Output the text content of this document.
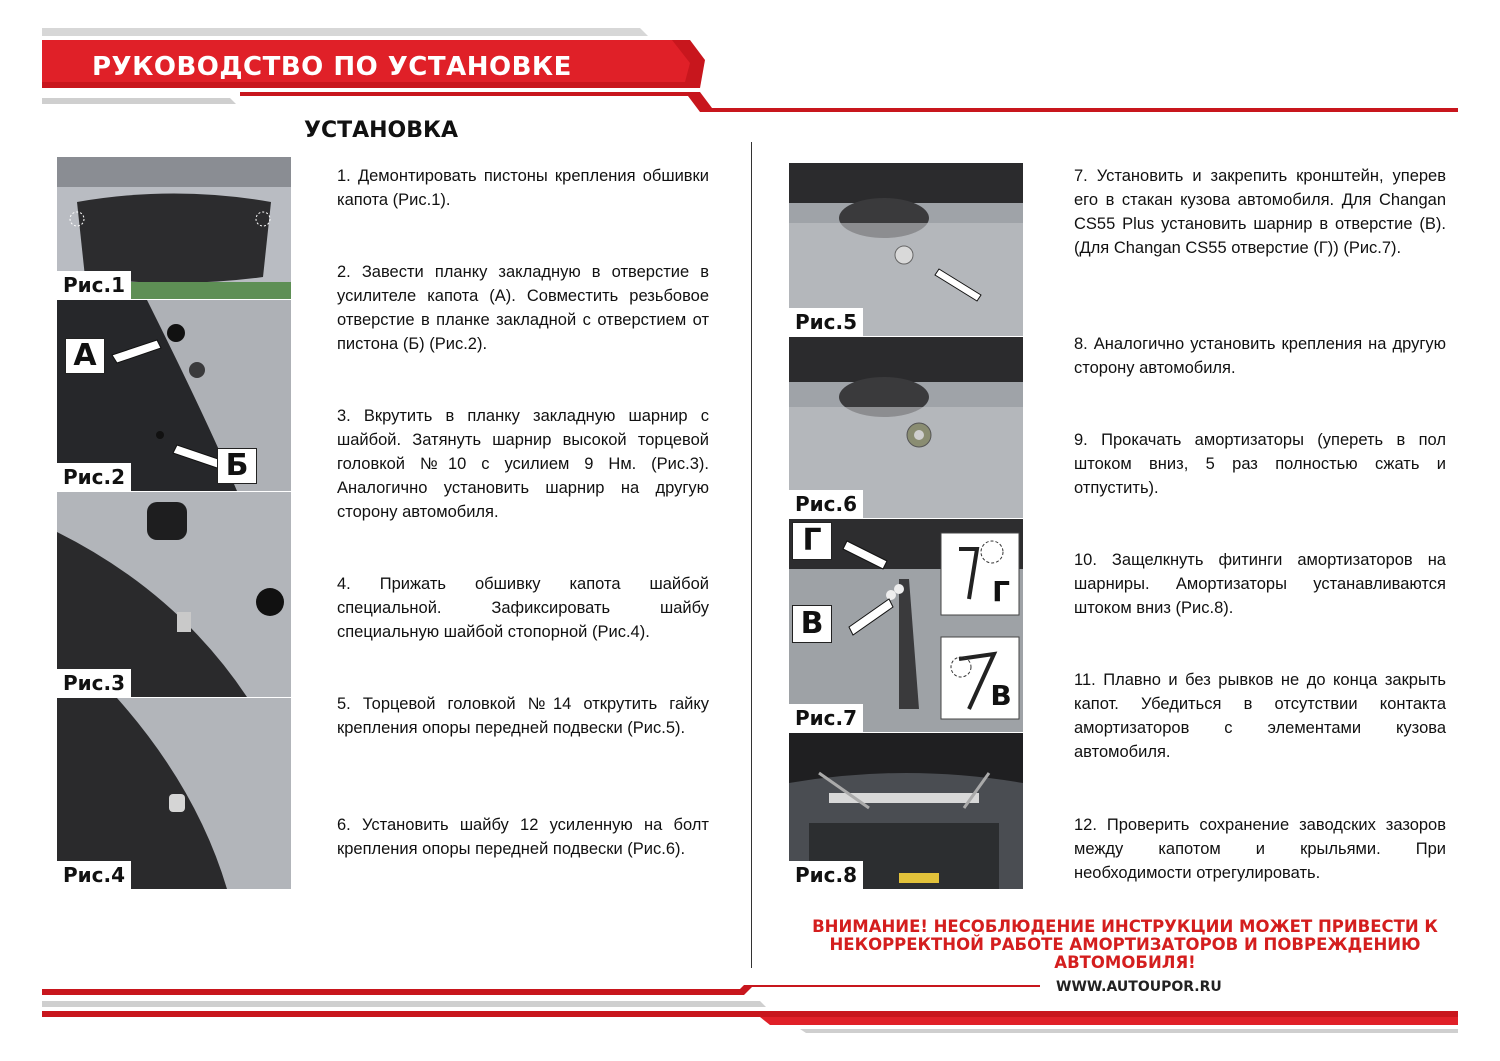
РУКОВОДСТВО ПО УСТАНОВКЕ
УСТАНОВКА
Рис.1
А
Б
Рис.2
Рис.3
Рис.4
1. Демонтировать пистоны крепления обшивки капота (Рис.1).
2. Завести планку закладную в отверстие в усилителе капота (А). Совместить резьбовое отверстие в планке закладной с отверстием от пистона (Б) (Рис.2).
3. Вкрутить в планку закладную шарнир с шайбой. Затянуть шарнир высокой торцевой головкой №10 с усилием 9 Нм. (Рис.3). Аналогично установить шарнир на другую сторону автомобиля.
4. Прижать обшивку капота шайбой специальной. Зафиксировать шайбу специальную шайбой стопорной (Рис.4).
5. Торцевой головкой №14 открутить гайку крепления опоры передней подвески (Рис.5).
6. Установить шайбу 12 усиленную на болт крепления опоры передней подвески (Рис.6).
Рис.5
Рис.6
Г
В
Г
В
Рис.7
Рис.8
7. Установить и закрепить кронштейн, уперев его в стакан кузова автомобиля. Для Changan CS55 Plus установить шарнир в отверстие (В). (Для Changan CS55 отверстие (Г)) (Рис.7).
8. Аналогично установить крепления на другую сторону автомобиля.
9. Прокачать амортизаторы (упереть в пол штоком вниз, 5 раз полностью сжать и отпустить).
10. Защелкнуть фитинги амортизаторов на шарниры. Амортизаторы устанавливаются штоком вниз (Рис.8).
11. Плавно и без рывков не до конца закрыть капот. Убедиться в отсутствии контакта амортизаторов с элементами кузова автомобиля.
12. Проверить сохранение заводских зазоров между капотом и крыльями. При необходимости отрегулировать.
ВНИМАНИЕ! НЕСОБЛЮДЕНИЕ ИНСТРУКЦИИ МОЖЕТ ПРИВЕСТИ К НЕКОРРЕКТНОЙ РАБОТЕ АМОРТИЗАТОРОВ И ПОВРЕЖДЕНИЮ АВТОМОБИЛЯ!
WWW.AUTOUPOR.RU
